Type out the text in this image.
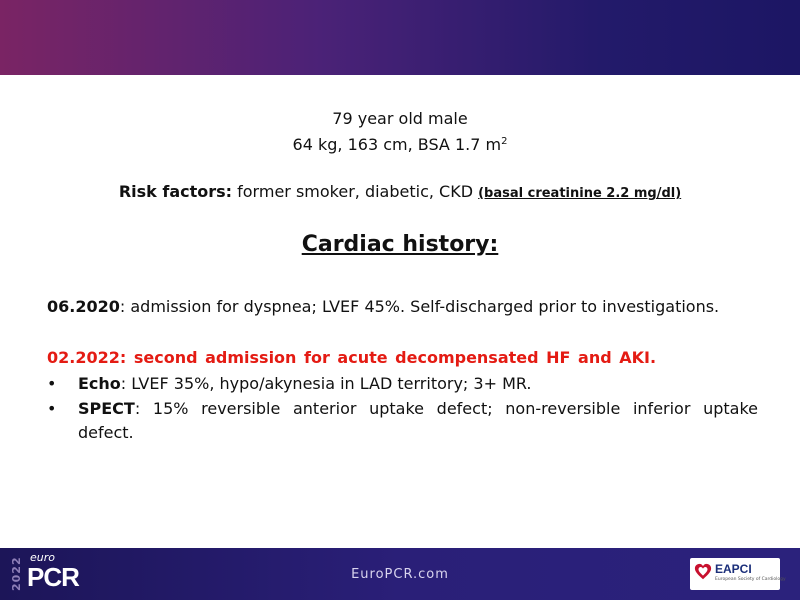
79 year old male
64 kg, 163 cm, BSA 1.7 $m^2$
Risk factors: former smoker, diabetic, CKD (basal creatinine 2.2 mg/dl)
Cardiac history:
06.2020: admission for dyspnea; LVEF 45%. Self-discharged prior to investigations.
02.2022: second admission for acute decompensated HF and AKI.
• Echo: LVEF 35%, hypo/akynesia in LAD territory; 3+ MR.
• SPECT: 15% reversible anterior uptake defect; non-reversible inferior uptake defect.
2022 euro
PCR	EuroPCR.com	EAPCI
European Society of Cardiology
